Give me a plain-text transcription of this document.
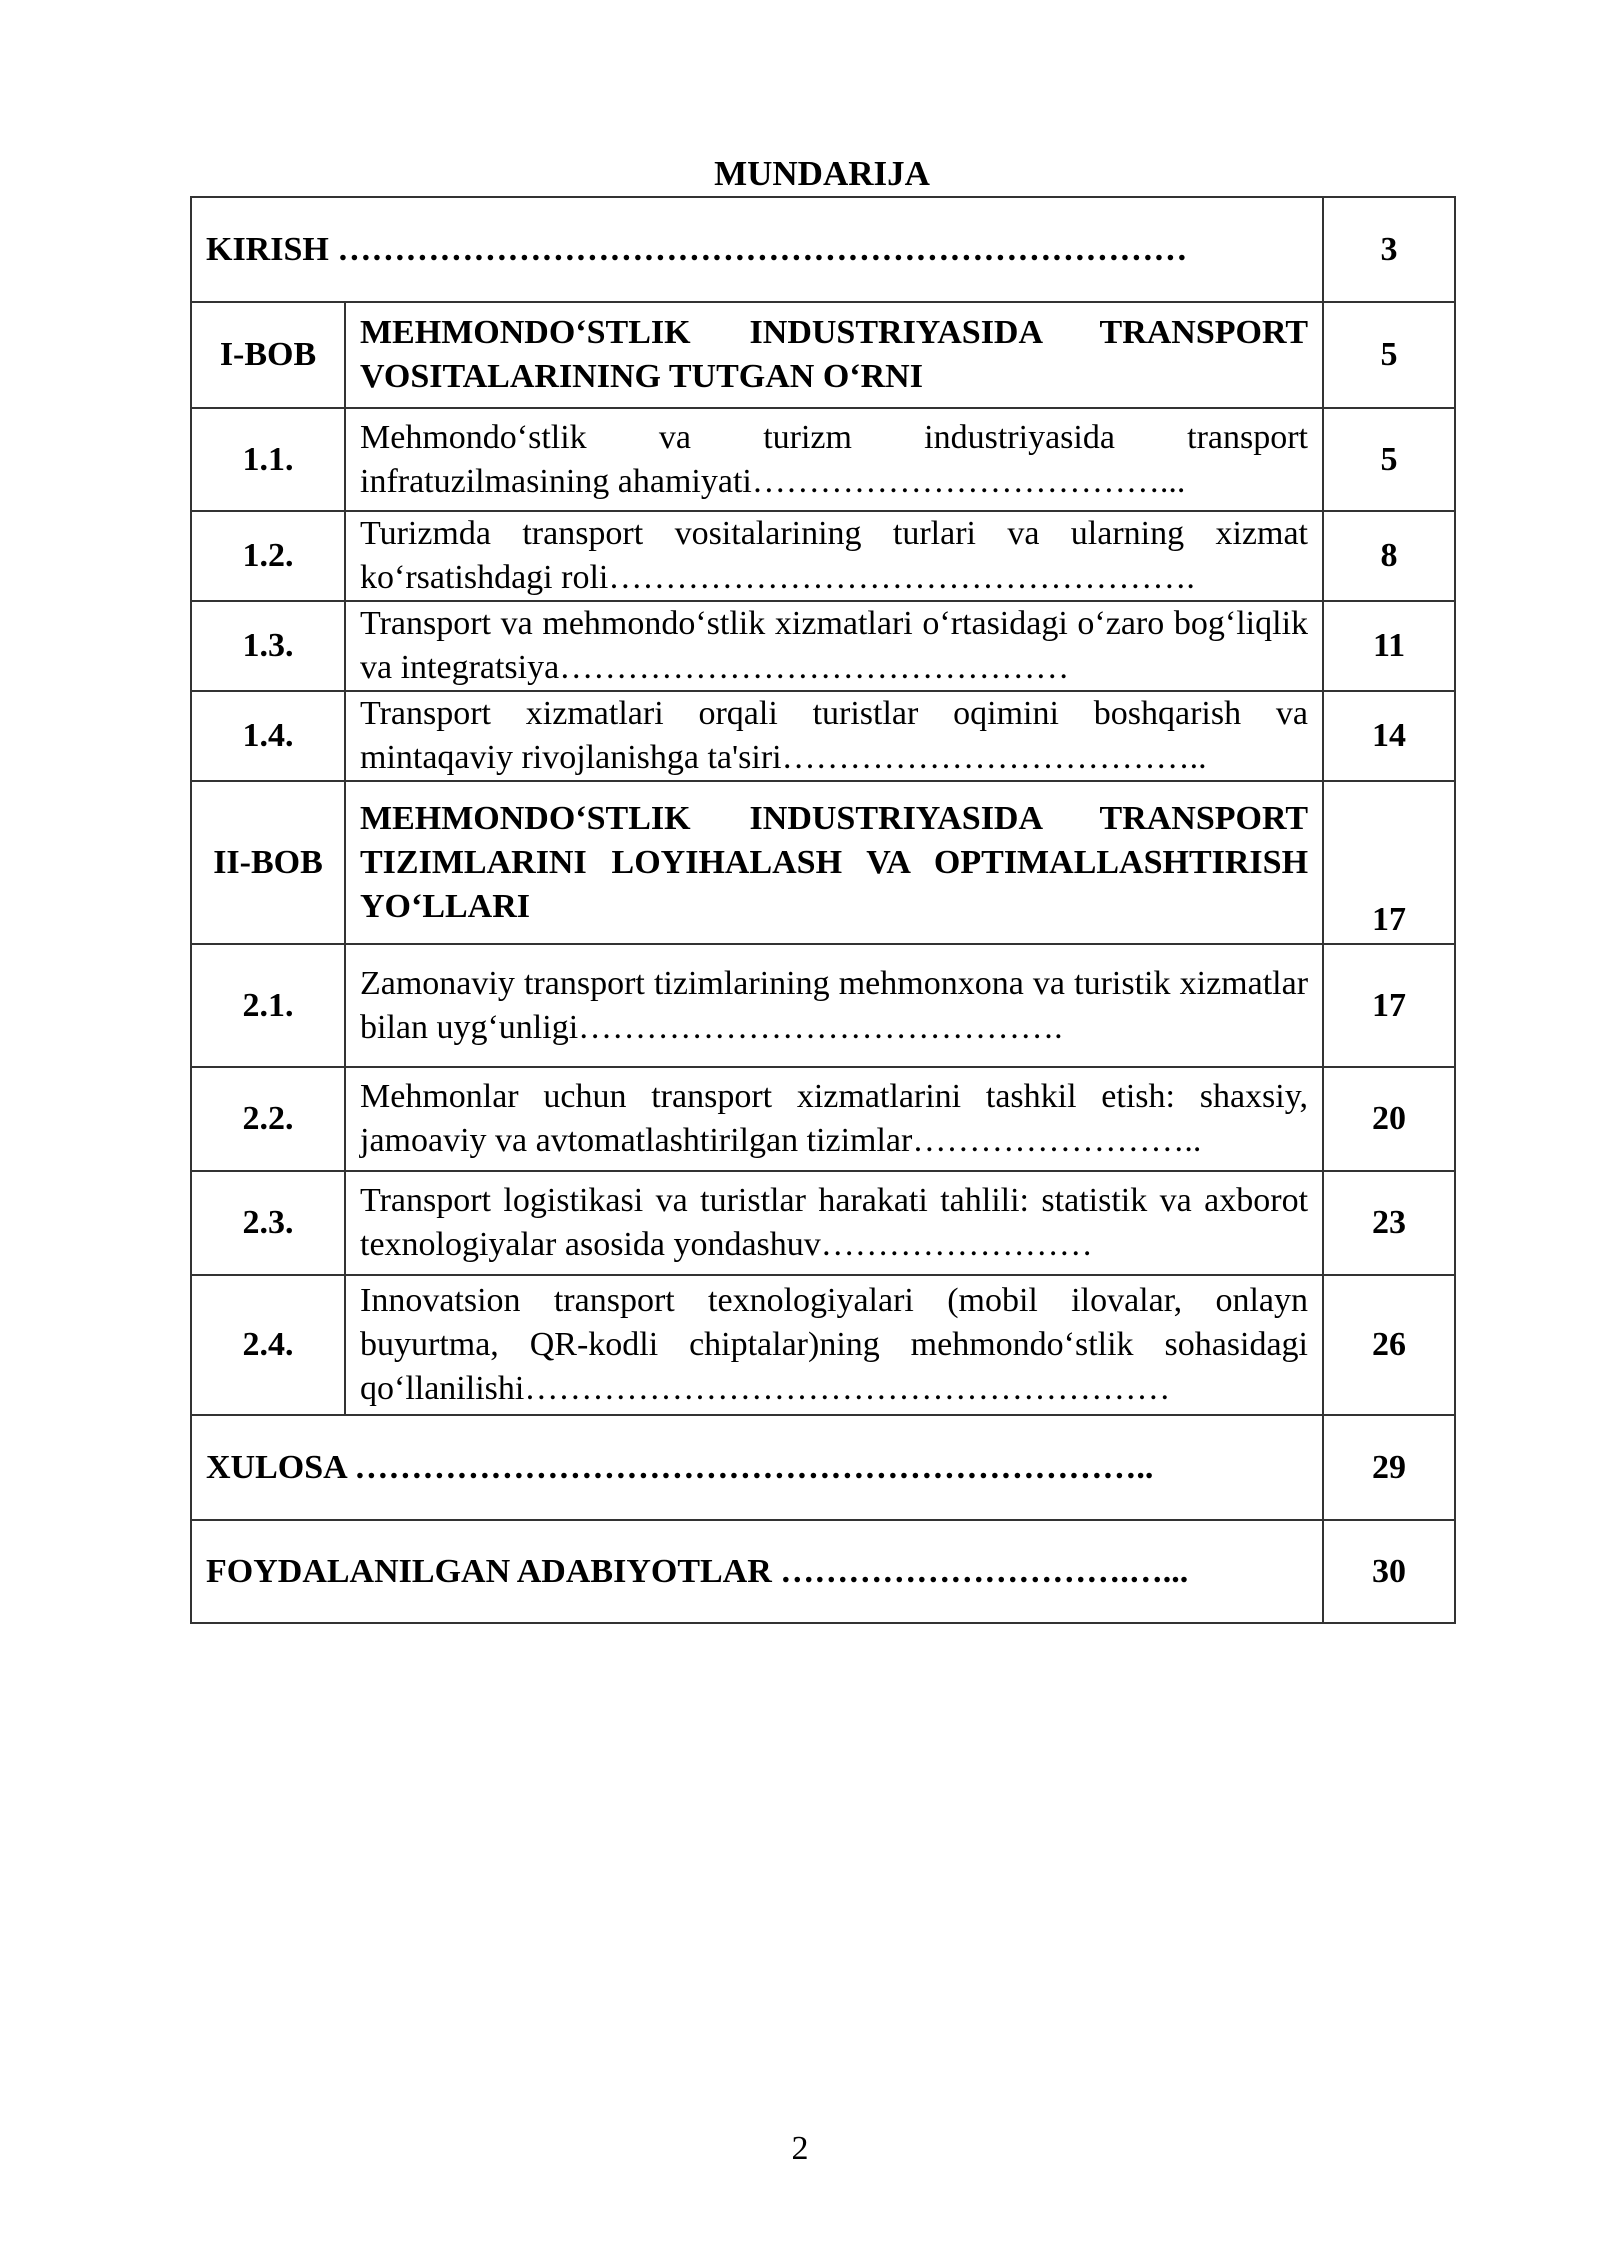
MUNDARIJA
KIRISH …………………………………………………………………		3
I-BOB	MEHMONDO‘STLIK INDUSTRIYASIDA TRANSPORT VOSITALARINING TUTGAN O‘RNI	5
1.1.	Mehmondo‘stlik va turizm industriyasida transport infratuzilmasining ahamiyati………………………………...	5
1.2.	Turizmda transport vositalarining turlari va ularning xizmat ko‘rsatishdagi roli…………………………………………….	8
1.3.	Transport va mehmondo‘stlik xizmatlari o‘rtasidagi o‘zaro bog‘liqlik va integratsiya………………………………………	11
1.4.	Transport xizmatlari orqali turistlar oqimini boshqarish va mintaqaviy rivojlanishga ta'siri………………………………..	14
II-BOB	MEHMONDO‘STLIK INDUSTRIYASIDA TRANSPORT TIZIMLARINI LOYIHALASH VA OPTIMALLASHTIRISH YO‘LLARI	17
2.1.	Zamonaviy transport tizimlarining mehmonxona va turistik xizmatlar bilan uyg‘unligi…………………………………….	17
2.2.	Mehmonlar uchun transport xizmatlarini tashkil etish: shaxsiy, jamoaviy va avtomatlashtirilgan tizimlar……………………..	20
2.3.	Transport logistikasi va turistlar harakati tahlili: statistik va axborot texnologiyalar asosida yondashuv……………………	23
2.4.	Innovatsion transport texnologiyalari (mobil ilovalar, onlayn buyurtma, QR-kodli chiptalar)ning mehmondo‘stlik sohasidagi qo‘llanilishi…………………………………………………	26
XULOSA ……………………………………………………………..		29
FOYDALANILGAN ADABIYOTLAR ………………………….…...		30
2
